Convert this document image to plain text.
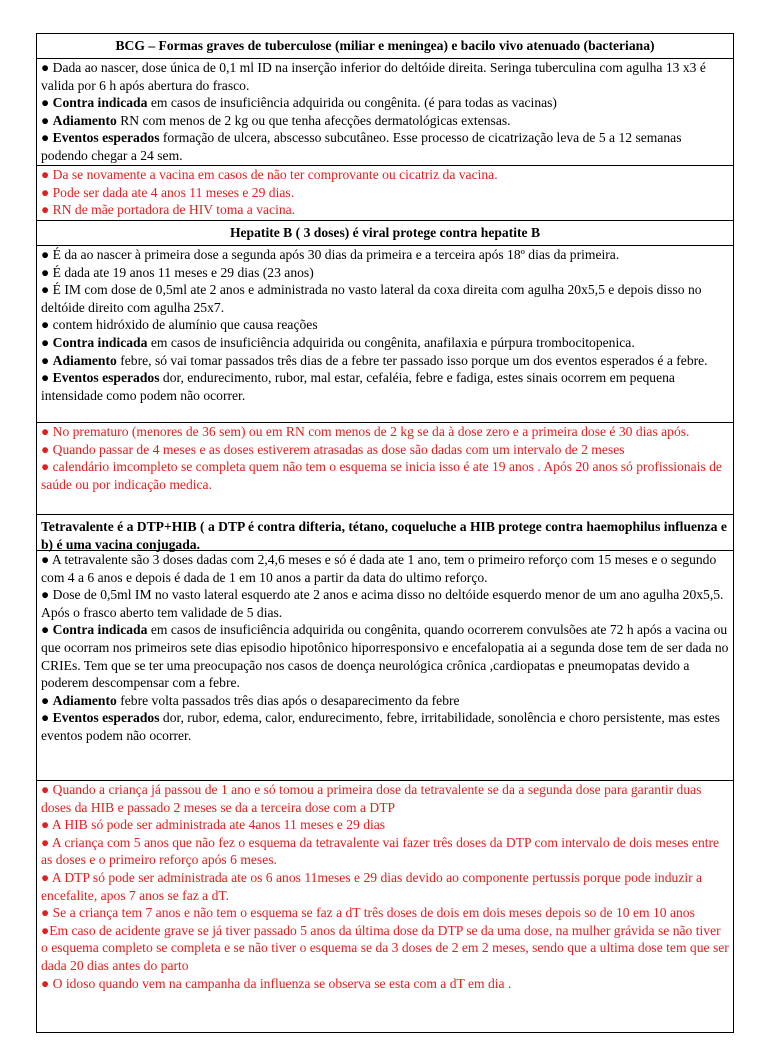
BCG – Formas graves de tuberculose (miliar e meningea) e bacilo vivo atenuado (bacteriana)

● Dada ao nascer, dose única de 0,1 ml ID na inserção inferior do deltóide direita. Seringa tuberculina com agulha 13 x3 é valida por 6 h após abertura do frasco.

● Contra indicada em casos de insuficiência adquirida ou congênita. (é para todas as vacinas)

● Adiamento RN com menos de 2 kg ou que tenha afecções dermatológicas extensas.

● Eventos esperados formação de ulcera, abscesso subcutâneo. Esse processo de cicatrização leva de 5 a 12 semanas podendo chegar a 24 sem.

● Da se novamente a vacina em casos de não ter comprovante ou cicatriz da vacina.

● Pode ser dada ate 4 anos 11 meses e 29 dias.

● RN de mãe portadora de HIV toma a vacina.

Hepatite B ( 3 doses) é viral protege contra hepatite B

● É da ao nascer à primeira dose a segunda após 30 dias da primeira e a terceira após 18º dias da primeira.

● É dada ate 19 anos 11 meses e 29 dias (23 anos)

● É IM com dose de 0,5ml ate 2 anos e administrada no vasto lateral da coxa direita com agulha 20x5,5 e depois disso no deltóide direito com agulha 25x7.

● contem hidróxido de alumínio que causa reações

● Contra indicada em casos de insuficiência adquirida ou congênita, anafilaxia e púrpura trombocitopenica.

● Adiamento febre, só vai tomar passados três dias de a febre ter passado isso porque um dos eventos esperados é a febre.

● Eventos esperados dor, endurecimento, rubor, mal estar, cefaléia, febre e fadiga, estes sinais ocorrem em pequena intensidade como podem não ocorrer.

● No prematuro (menores de 36 sem) ou em RN com menos de 2 kg se da à dose zero e a primeira dose é 30 dias após.

● Quando passar de 4 meses e as doses estiverem atrasadas as dose são dadas com um intervalo de 2 meses

● calendário imcompleto se completa quem não tem o esquema se inicia isso é ate 19 anos . Após 20 anos só profissionais de saúde ou por indicação medica.

Tetravalente é a DTP+HIB ( a DTP é contra difteria, tétano, coqueluche a HIB protege contra haemophilus influenza e b) é uma vacina conjugada.

● A tetravalente são 3 doses dadas com 2,4,6 meses e só é dada ate 1 ano, tem o primeiro reforço com 15 meses e o segundo com 4 a 6 anos e depois é dada de 1 em 10 anos a partir da data do ultimo reforço.

● Dose de 0,5ml IM no vasto lateral esquerdo ate 2 anos e acima disso no deltóide esquerdo menor de um ano agulha 20x5,5. Após o frasco aberto tem validade de 5 dias.

● Contra indicada em casos de insuficiência adquirida ou congênita, quando ocorrerem convulsões ate 72 h após a vacina ou que ocorram nos primeiros sete dias episodio hipotônico hiporresponsivo e encefalopatia ai a segunda dose tem de ser dada no CRIEs. Tem que se ter uma preocupação nos casos de doença neurológica crônica ,cardiopatas e pneumopatas devido a poderem descompensar com a febre.

● Adiamento febre volta passados três dias após o desaparecimento da febre

● Eventos esperados dor, rubor, edema, calor, endurecimento, febre, irritabilidade, sonolência e choro persistente, mas estes eventos podem não ocorrer.

● Quando a criança já passou de 1 ano e só tomou a primeira dose da tetravalente se da a segunda dose para garantir duas doses da HIB e passado 2 meses se da a terceira dose com a DTP

● A HIB só pode ser administrada ate 4anos 11 meses e 29 dias

● A criança com 5 anos que não fez o esquema da tetravalente vai fazer três doses da DTP com intervalo de dois meses entre as doses e o primeiro reforço após 6 meses.

● A DTP só pode ser administrada ate os 6 anos 11meses e 29 dias devido ao componente pertussis porque pode induzir a encefalite, apos 7 anos se faz a dT.

● Se a criança tem 7 anos e não tem o esquema se faz a dT três doses de dois em dois meses depois so de 10 em 10 anos

●Em caso de acidente grave se já tiver passado 5 anos da última dose da DTP se da uma dose, na mulher grávida se não tiver o esquema completo se completa e se não tiver o esquema se da 3 doses de 2 em 2 meses, sendo que a ultima dose tem que ser dada 20 dias antes do parto

● O idoso quando vem na campanha da influenza se observa se esta com a dT em dia .
